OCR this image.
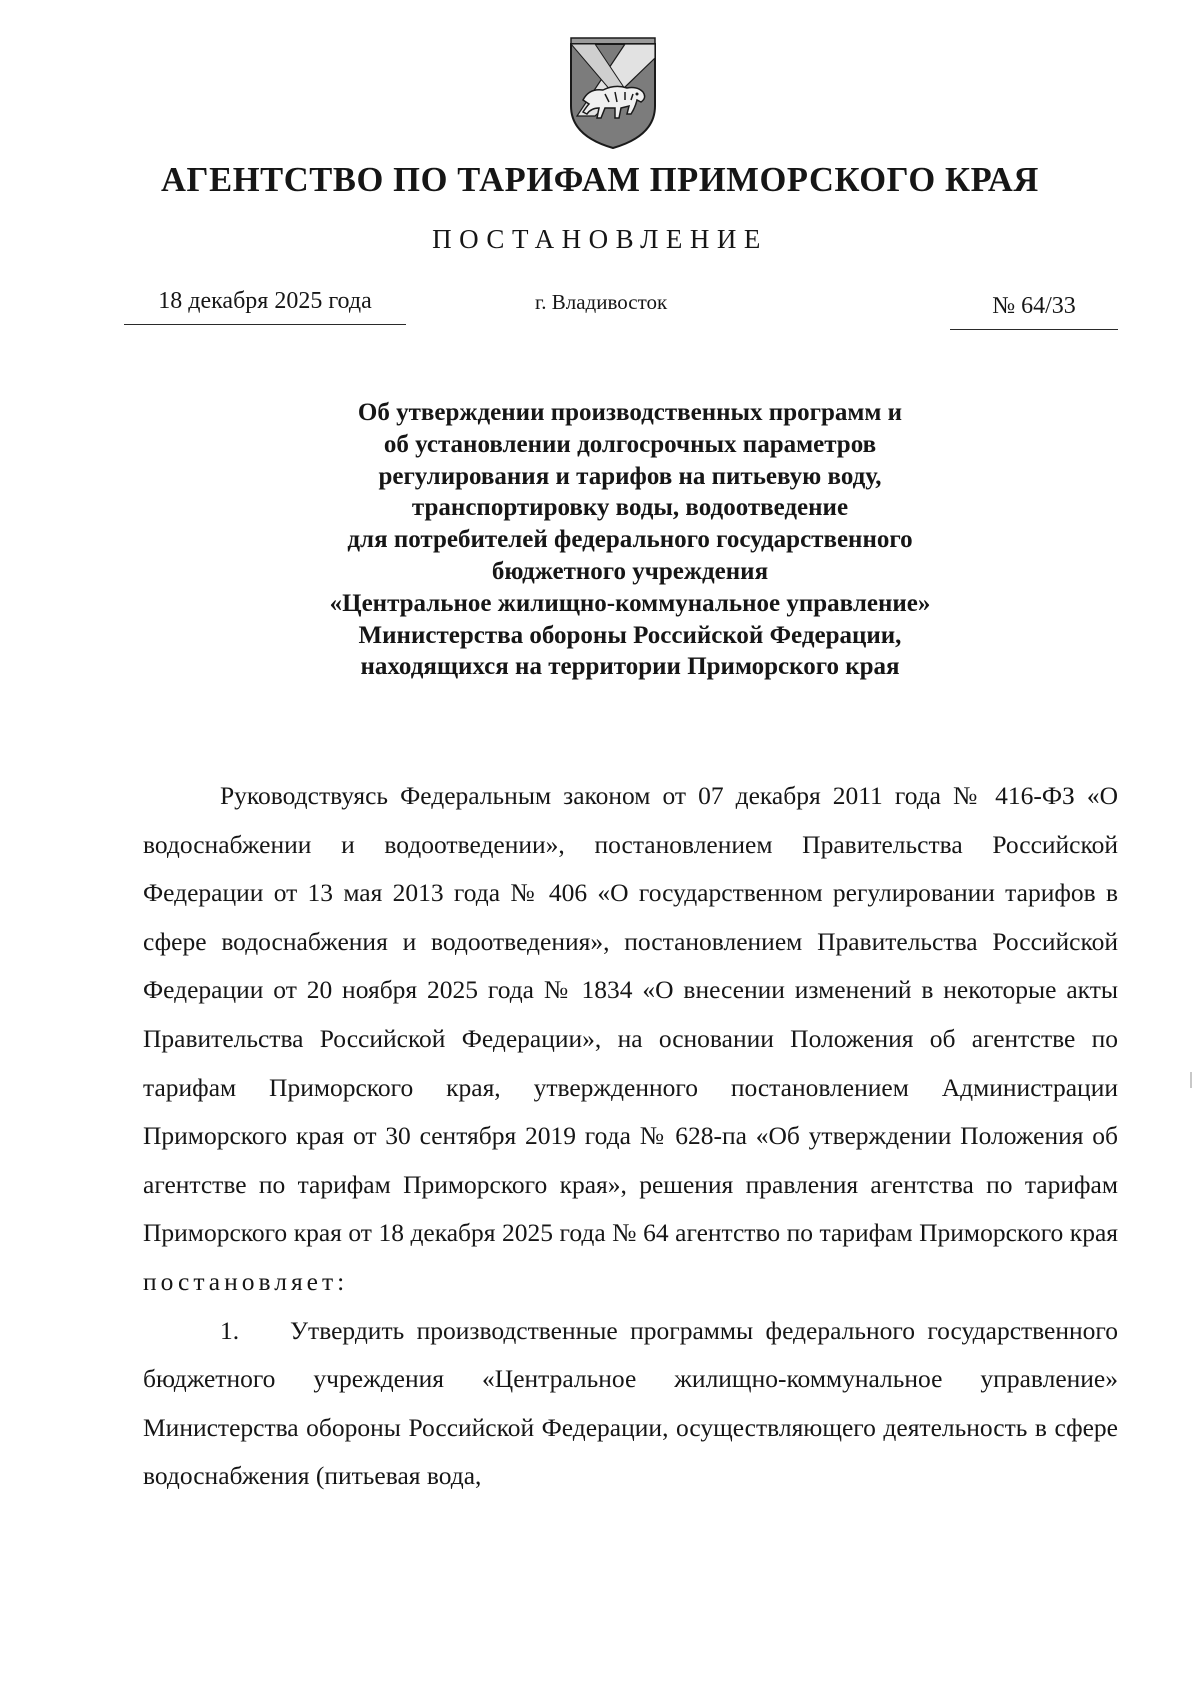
АГЕНТСТВО ПО ТАРИФАМ ПРИМОРСКОГО КРАЯ
ПОСТАНОВЛЕНИЕ
18 декабря 2025 года	г. Владивосток	№ 64/33
Об утверждении производственных программ и
об установлении долгосрочных параметров
регулирования и тарифов на питьевую воду,
транспортировку воды, водоотведение
для потребителей федерального государственного
бюджетного учреждения
«Центральное жилищно-коммунальное управление»
Министерства обороны Российской Федерации,
находящихся на территории Приморского края

Руководствуясь Федеральным законом от 07 декабря 2011 года № 416-ФЗ «О водоснабжении и водоотведении», постановлением Правительства Российской Федерации от 13 мая 2013 года № 406 «О государственном регулировании тарифов в сфере водоснабжения и водоотведения», постановлением Правительства Российской Федерации от 20 ноября 2025 года № 1834 «О внесении изменений в некоторые акты Правительства Российской Федерации», на основании Положения об агентстве по тарифам Приморского края, утвержденного постановлением Администрации Приморского края от 30 сентября 2019 года № 628-па «Об утверждении Положения об агентстве по тарифам Приморского края», решения правления агентства по тарифам Приморского края от 18 декабря 2025 года № 64 агентство по тарифам Приморского края постановляет:

1. Утвердить производственные программы федерального государственного бюджетного учреждения «Центральное жилищно-коммунальное управление» Министерства обороны Российской Федерации, осуществляющего деятельность в сфере водоснабжения (питьевая вода,
